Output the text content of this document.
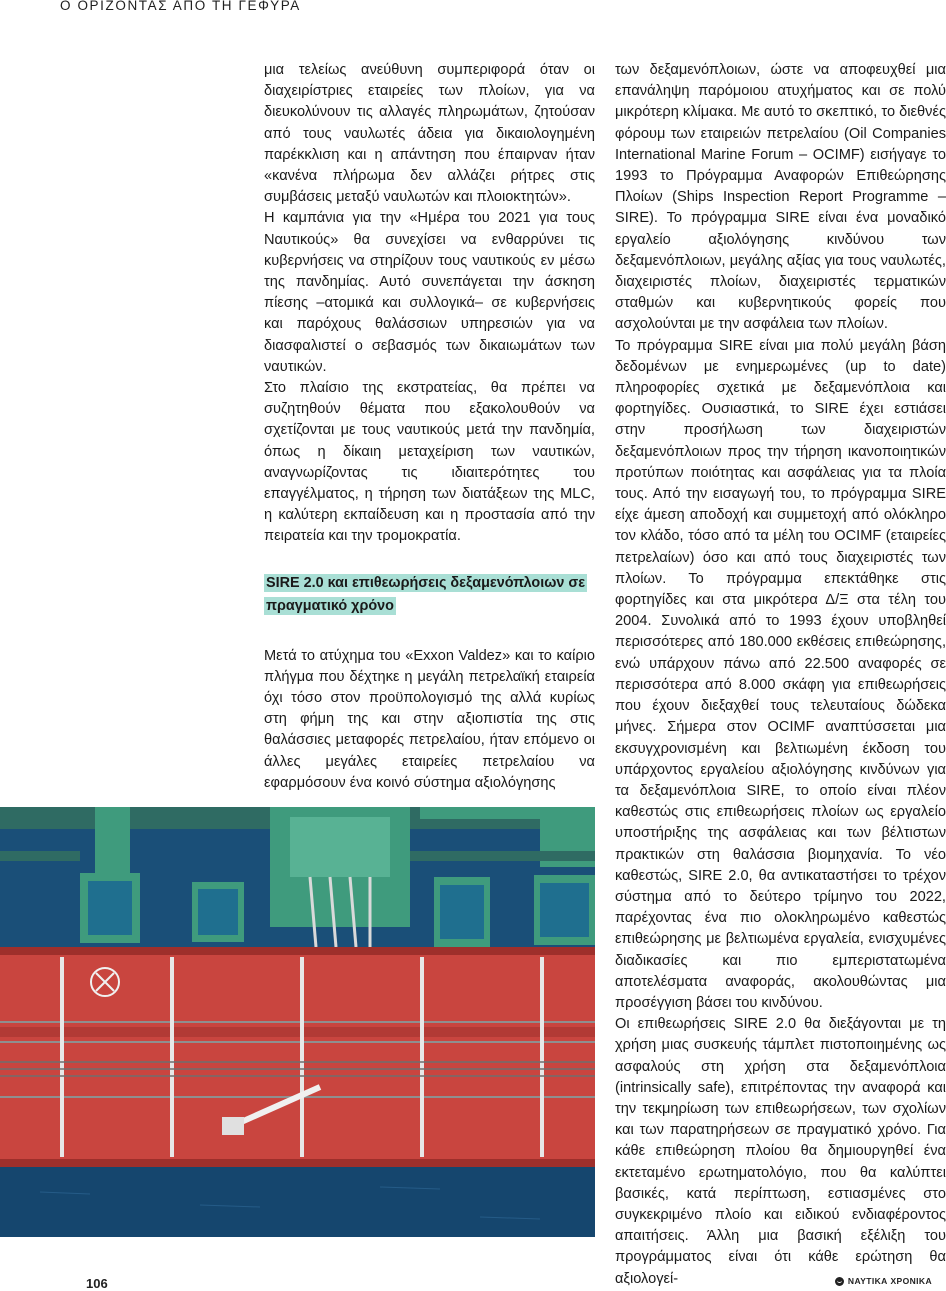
Ο ΟΡΙΖΟΝΤΑΣ ΑΠΟ ΤΗ ΓΕΦΥΡΑ

μια τελείως ανεύθυνη συμπεριφορά όταν οι διαχειρίστριες εταιρείες των πλοίων, για να διευκολύνουν τις αλλαγές πληρωμάτων, ζητούσαν από τους ναυλωτές άδεια για δικαιολογημένη παρέκκλιση και η απάντηση που έπαιρναν ήταν «κανένα πλήρωμα δεν αλλάζει ρήτρες στις συμβάσεις μεταξύ ναυλωτών και πλοιοκτητών».

Η καμπάνια για την «Ημέρα του 2021 για τους Ναυτικούς» θα συνεχίσει να ενθαρρύνει τις κυβερνήσεις να στηρίζουν τους ναυτικούς εν μέσω της πανδημίας. Αυτό συνεπάγεται την άσκηση πίεσης –ατομικά και συλλογικά– σε κυβερνήσεις και παρόχους θαλάσσιων υπηρεσιών για να διασφαλιστεί ο σεβασμός των δικαιωμάτων των ναυτικών.

Στο πλαίσιο της εκστρατείας, θα πρέπει να συζητηθούν θέματα που εξακολουθούν να σχετίζονται με τους ναυτικούς μετά την πανδημία, όπως η δίκαιη μεταχείριση των ναυτικών, αναγνωρίζοντας τις ιδιαιτερότητες του επαγγέλματος, η τήρηση των διατάξεων της MLC, η καλύτερη εκπαίδευση και η προστασία από την πειρατεία και την τρομοκρατία.

SIRE 2.0 και επιθεωρήσεις δεξαμενόπλοιων σε πραγματικό χρόνο

Μετά το ατύχημα του «Exxon Valdez» και το καίριο πλήγμα που δέχτηκε η μεγάλη πετρελαϊκή εταιρεία όχι τόσο στον προϋπολογισμό της αλλά κυρίως στη φήμη της και στην αξιοπιστία της στις θαλάσσιες μεταφορές πετρελαίου, ήταν επόμενο οι άλλες μεγάλες εταιρείες πετρελαίου να εφαρμόσουν ένα κοινό σύστημα αξιολόγησης

των δεξαμενόπλοιων, ώστε να αποφευχθεί μια επανάληψη παρόμοιου ατυχήματος και σε πολύ μικρότερη κλίμακα. Με αυτό το σκεπτικό, το διεθνές φόρουμ των εταιρειών πετρελαίου (Oil Companies International Marine Forum – OCIMF) εισήγαγε το 1993 το Πρόγραμμα Αναφορών Επιθεώρησης Πλοίων (Ships Inspection Report Programme – SIRE). Το πρόγραμμα SIRE είναι ένα μοναδικό εργαλείο αξιολόγησης κινδύνου των δεξαμενόπλοιων, μεγάλης αξίας για τους ναυλωτές, διαχειριστές πλοίων, διαχειριστές τερματικών σταθμών και κυβερνητικούς φορείς που ασχολούνται με την ασφάλεια των πλοίων.

Το πρόγραμμα SIRE είναι μια πολύ μεγάλη βάση δεδομένων με ενημερωμένες (up to date) πληροφορίες σχετικά με δεξαμενόπλοια και φορτηγίδες. Ουσιαστικά, το SIRE έχει εστιάσει στην προσήλωση των διαχειριστών δεξαμενόπλοιων προς την τήρηση ικανοποιητικών προτύπων ποιότητας και ασφάλειας για τα πλοία τους. Από την εισαγωγή του, το πρόγραμμα SIRE είχε άμεση αποδοχή και συμμετοχή από ολόκληρο τον κλάδο, τόσο από τα μέλη του OCIMF (εταιρείες πετρελαίων) όσο και από τους διαχειριστές των πλοίων. Το πρόγραμμα επεκτάθηκε στις φορτηγίδες και στα μικρότερα Δ/Ξ στα τέλη του 2004. Συνολικά από το 1993 έχουν υποβληθεί περισσότερες από 180.000 εκθέσεις επιθεώρησης, ενώ υπάρχουν πάνω από 22.500 αναφορές σε περισσότερα από 8.000 σκάφη για επιθεωρήσεις που έχουν διεξαχθεί τους τελευταίους δώδεκα μήνες. Σήμερα στον OCIMF αναπτύσσεται μια εκσυγχρονισμένη και βελτιωμένη έκδοση του υπάρχοντος εργαλείου αξιολόγησης κινδύνων για τα δεξαμενόπλοια SIRE, το οποίο είναι πλέον καθεστώς στις επιθεωρήσεις πλοίων ως εργαλείο υποστήριξης της ασφάλειας και των βέλτιστων πρακτικών στη θαλάσσια βιομηχανία. Το νέο καθεστώς, SIRE 2.0, θα αντικαταστήσει το τρέχον σύστημα από το δεύτερο τρίμηνο του 2022, παρέχοντας ένα πιο ολοκληρωμένο καθεστώς επιθεώρησης με βελτιωμένα εργαλεία, ενισχυμένες διαδικασίες και πιο εμπεριστατωμένα αποτελέσματα αναφοράς, ακολουθώντας μια προσέγγιση βάσει του κινδύνου.

Οι επιθεωρήσεις SIRE 2.0 θα διεξάγονται με τη χρήση μιας συσκευής τάμπλετ πιστοποιημένης ως ασφαλούς στη χρήση στα δεξαμενόπλοια (intrinsically safe), επιτρέποντας την αναφορά και την τεκμηρίωση των επιθεωρήσεων, των σχολίων και των παρατηρήσεων σε πραγματικό χρόνο. Για κάθε επιθεώρηση πλοίου θα δημιουργηθεί ένα εκτεταμένο ερωτηματολόγιο, που θα καλύπτει βασικές, κατά περίπτωση, εστιασμένες στο συγκεκριμένο πλοίο και ειδικού ενδιαφέροντος απαιτήσεις. Άλλη μια βασική εξέλιξη του προγράμματος είναι ότι κάθε ερώτηση θα αξιολογεί-

106	ΝΑΥΤΙΚΑ ΧΡΟΝΙΚΑ
